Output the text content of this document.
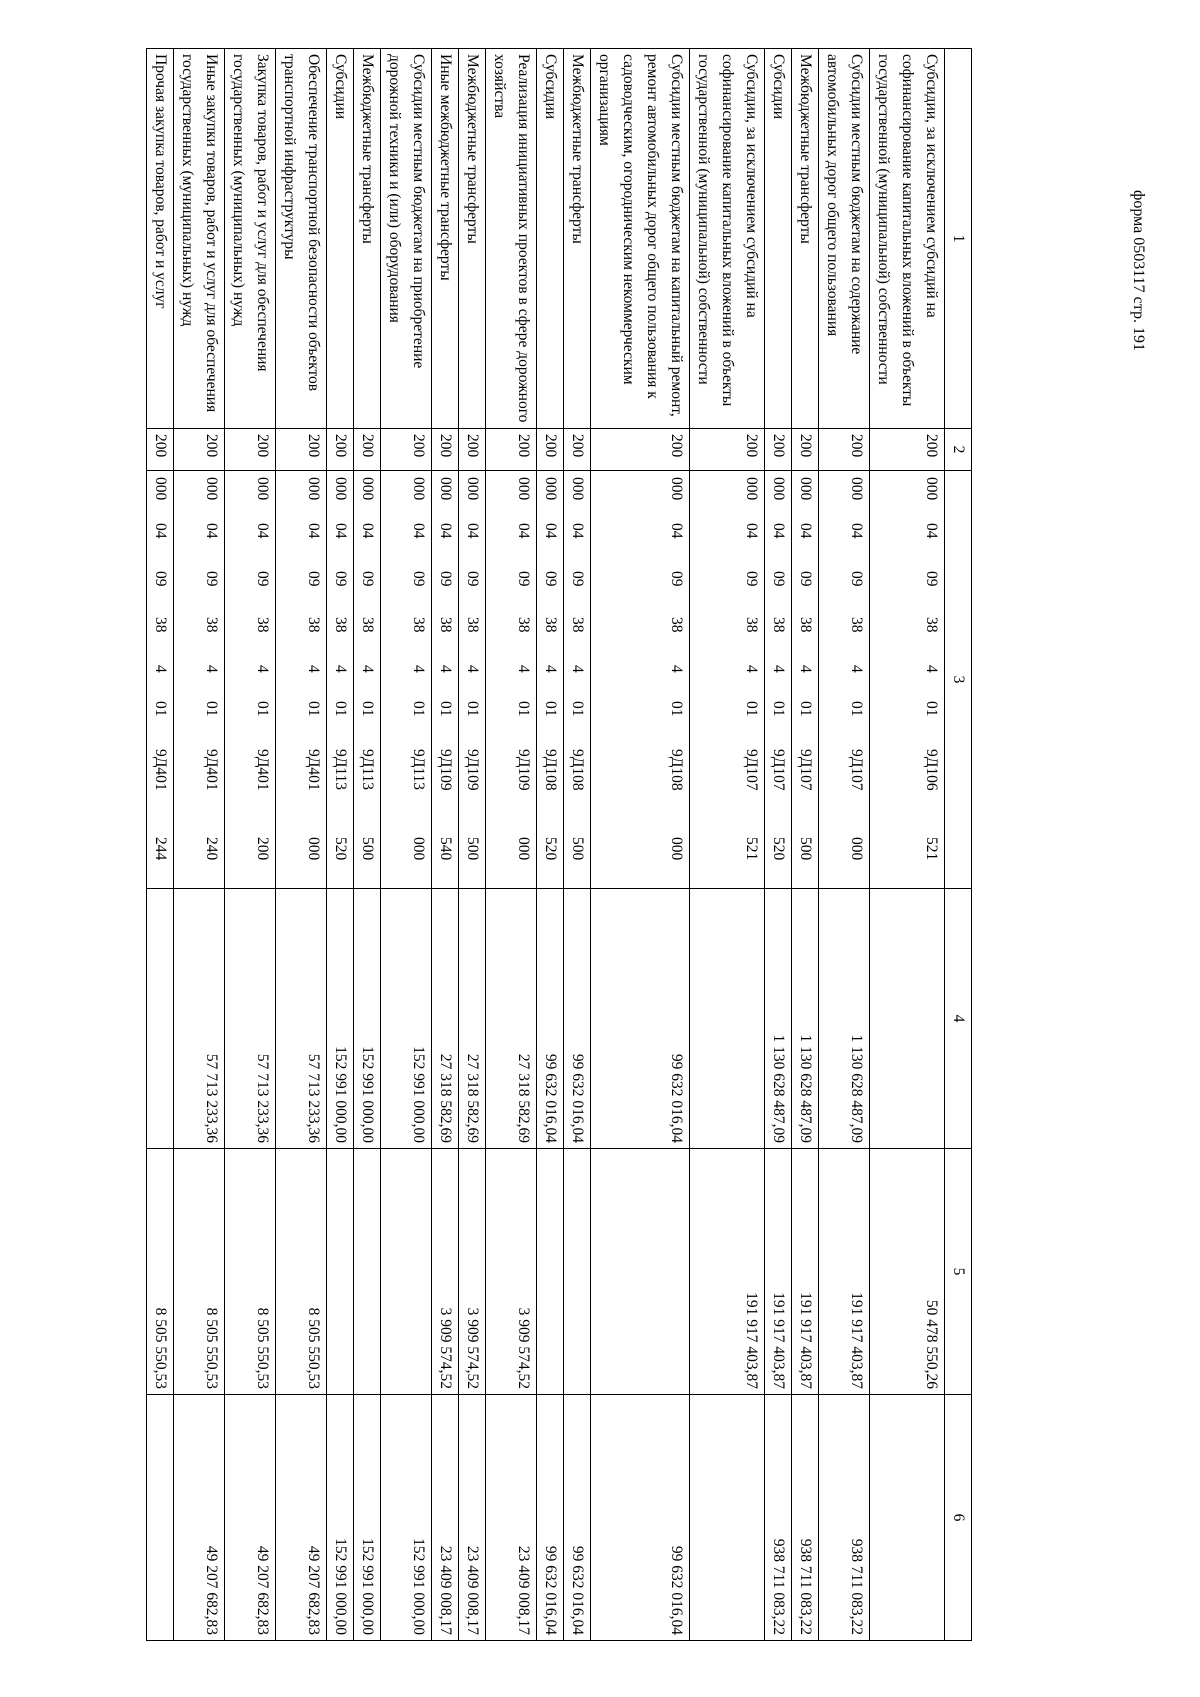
форма 0503117 стр. 191
1	2	3	4	5	6
Субсидии, за исключением субсидий на софинансирование капитальных вложений в объекты государственной (муниципальной) собственности	200	0000409384019Д106521		50 478 550,26	
Субсидии местным бюджетам на содержание автомобильных дорог общего пользования	200	0000409384019Д107000	1 130 628 487,09	191 917 403,87	938 711 083,22
Межбюджетные трансферты	200	0000409384019Д107500	1 130 628 487,09	191 917 403,87	938 711 083,22
Субсидии	200	0000409384019Д107520	1 130 628 487,09	191 917 403,87	938 711 083,22
Субсидии, за исключением субсидий на софинансирование капитальных вложений в объекты государственной (муниципальной) собственности	200	0000409384019Д107521		191 917 403,87	
Субсидии местным бюджетам на капитальный ремонт, ремонт автомобильных дорог общего пользования к садоводческим, огородническим некоммерческим организациям	200	0000409384019Д108000	99 632 016,04		99 632 016,04
Межбюджетные трансферты	200	0000409384019Д108500	99 632 016,04		99 632 016,04
Субсидии	200	0000409384019Д108520	99 632 016,04		99 632 016,04
Реализация инициативных проектов в сфере дорожного хозяйства	200	0000409384019Д109000	27 318 582,69	3 909 574,52	23 409 008,17
Межбюджетные трансферты	200	0000409384019Д109500	27 318 582,69	3 909 574,52	23 409 008,17
Иные межбюджетные трансферты	200	0000409384019Д109540	27 318 582,69	3 909 574,52	23 409 008,17
Субсидии местным бюджетам на приобретение дорожной техники и (или) оборудования	200	0000409384019Д113000	152 991 000,00		152 991 000,00
Межбюджетные трансферты	200	0000409384019Д113500	152 991 000,00		152 991 000,00
Субсидии	200	0000409384019Д113520	152 991 000,00		152 991 000,00
Обеспечение транспортной безопасности объектов транспортной инфраструктуры	200	0000409384019Д401000	57 713 233,36	8 505 550,53	49 207 682,83
Закупка товаров, работ и услуг для обеспечения государственных (муниципальных) нужд	200	0000409384019Д401200	57 713 233,36	8 505 550,53	49 207 682,83
Иные закупки товаров, работ и услуг для обеспечения государственных (муниципальных) нужд	200	0000409384019Д401240	57 713 233,36	8 505 550,53	49 207 682,83
Прочая закупка товаров, работ и услуг	200	0000409384019Д401244		8 505 550,53	
